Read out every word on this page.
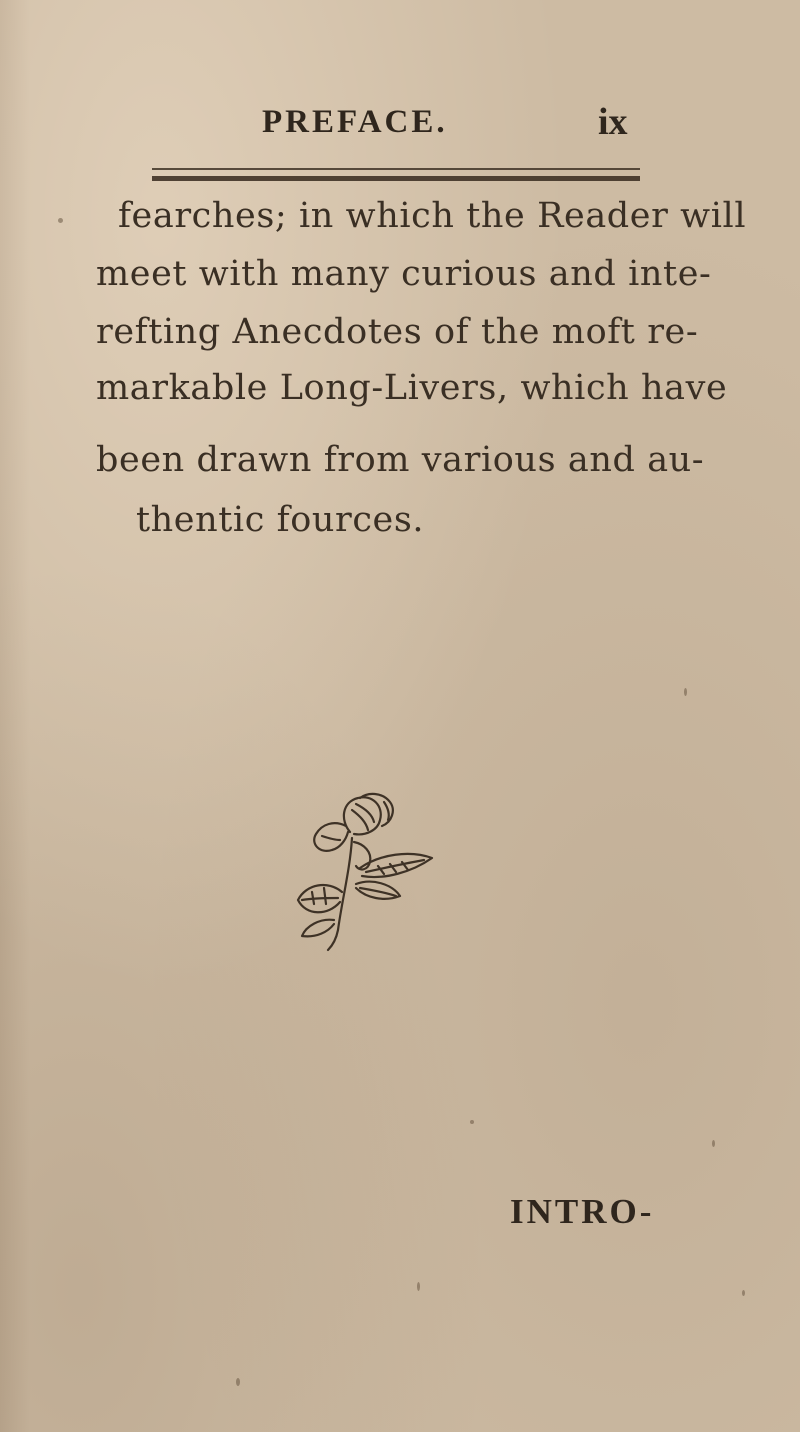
PREFACE.	ix
fearches; in which the Reader will
meet with many curious and inte-
refting Anecdotes of the moft re-
markable Long-Livers, which have
been drawn from various and au-
thentic fources.
INTRO-
